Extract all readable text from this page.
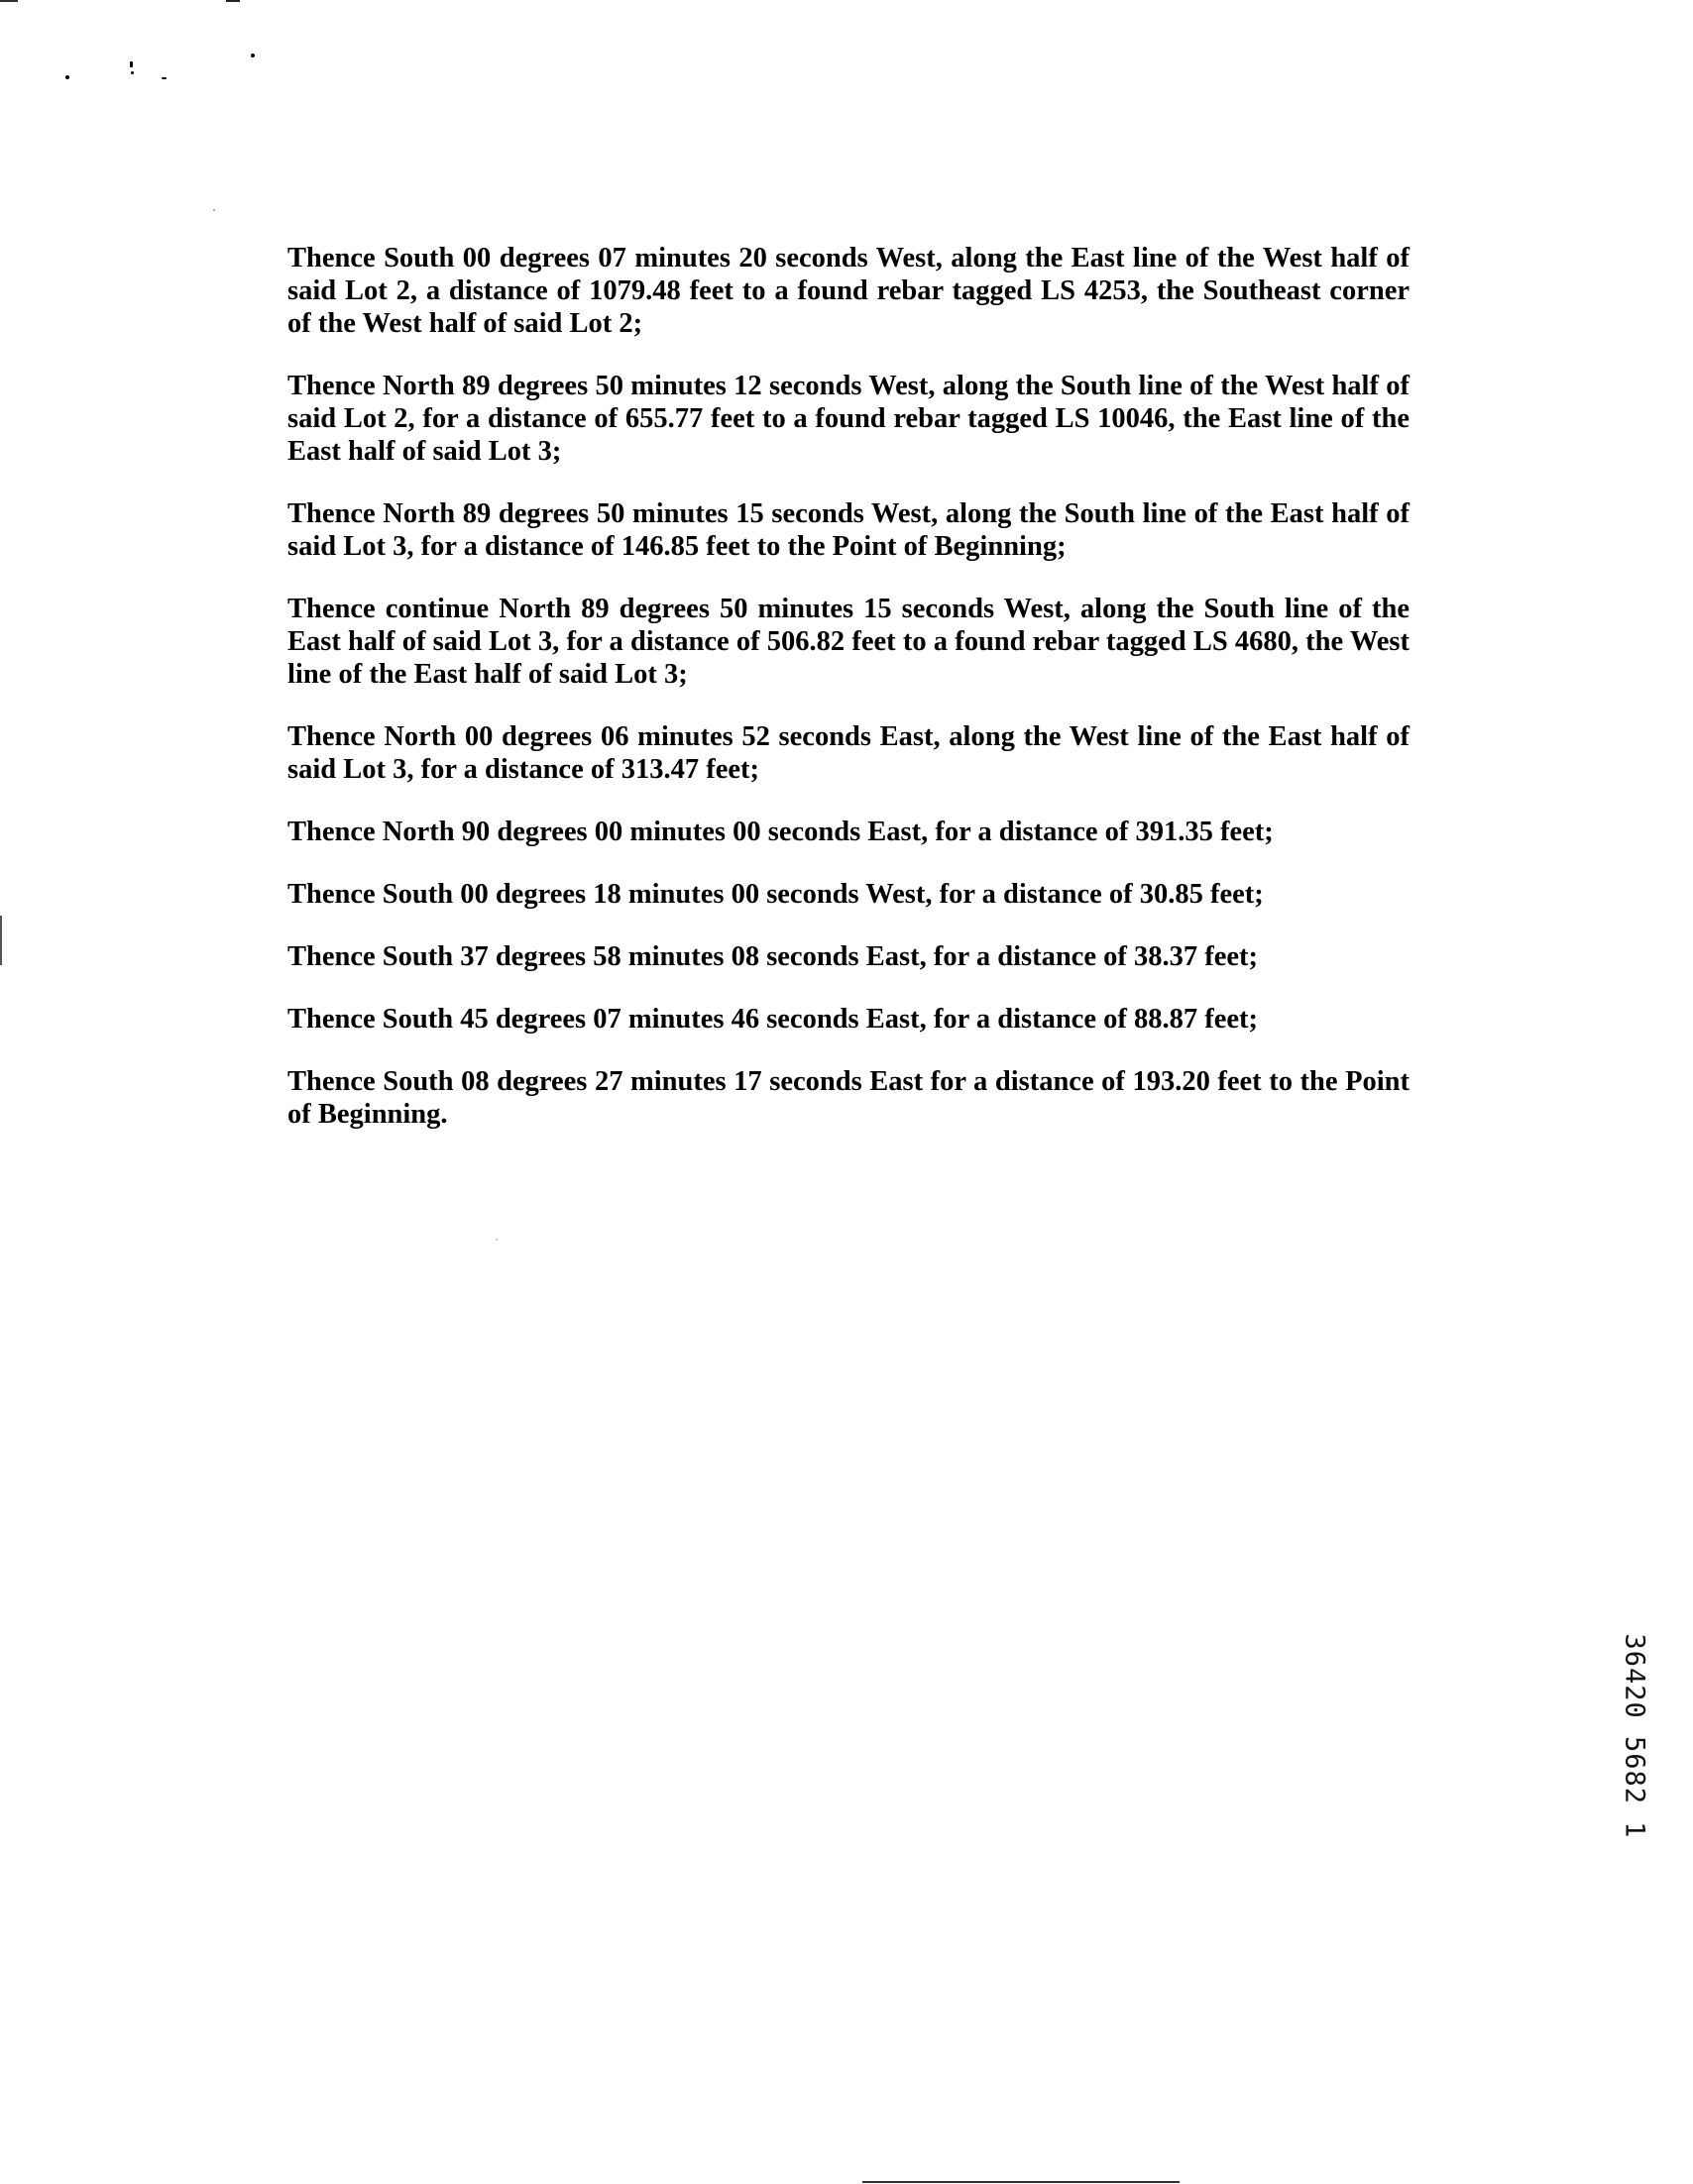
Thence South 00 degrees 07 minutes 20 seconds West, along the East line of the West half of said Lot 2, a distance of 1079.48 feet to a found rebar tagged LS 4253, the Southeast corner of the West half of said Lot 2;

Thence North 89 degrees 50 minutes 12 seconds West, along the South line of the West half of said Lot 2, for a distance of 655.77 feet to a found rebar tagged LS 10046, the East line of the East half of said Lot 3;

Thence North 89 degrees 50 minutes 15 seconds West, along the South line of the East half of said Lot 3, for a distance of 146.85 feet to the Point of Beginning;

Thence continue North 89 degrees 50 minutes 15 seconds West, along the South line of the East half of said Lot 3, for a distance of 506.82 feet to a found rebar tagged LS 4680, the West line of the East half of said Lot 3;

Thence North 00 degrees 06 minutes 52 seconds East, along the West line of the East half of said Lot 3, for a distance of 313.47 feet;

Thence North 90 degrees 00 minutes 00 seconds East, for a distance of 391.35 feet;

Thence South 00 degrees 18 minutes 00 seconds West, for a distance of 30.85 feet;

Thence South 37 degrees 58 minutes 08 seconds East, for a distance of 38.37 feet;

Thence South 45 degrees 07 minutes 46 seconds East, for a distance of 88.87 feet;

Thence South 08 degrees 27 minutes 17 seconds East for a distance of 193.20 feet to the Point of Beginning.

36420 5682 1
